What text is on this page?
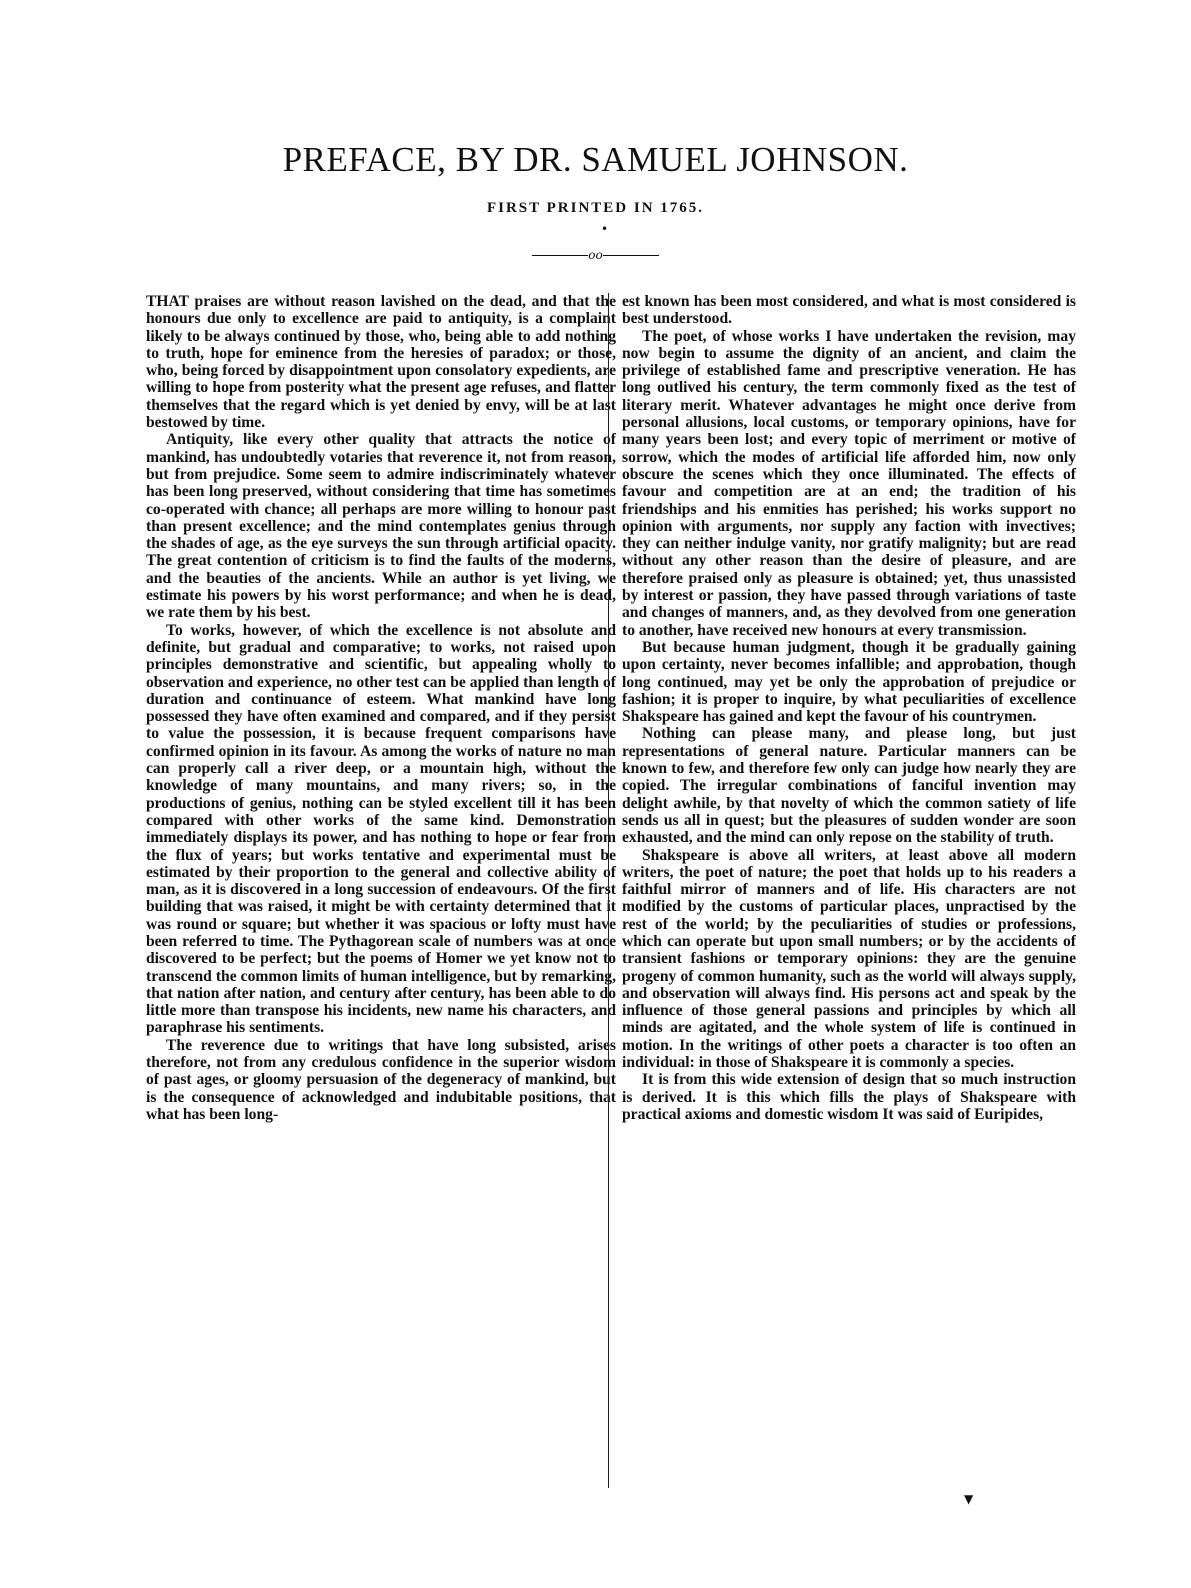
PREFACE, BY DR. SAMUEL JOHNSON.
FIRST PRINTED IN 1765.
•
oo

THAT praises are without reason lavished on the dead, and that the honours due only to excellence are paid to antiquity, is a complaint likely to be always continued by those, who, being able to add nothing to truth, hope for eminence from the heresies of paradox; or those, who, being forced by disappointment upon consolatory expedients, are willing to hope from posterity what the present age refuses, and flatter themselves that the regard which is yet denied by envy, will be at last bestowed by time.

Antiquity, like every other quality that attracts the notice of mankind, has undoubtedly votaries that reverence it, not from reason, but from prejudice. Some seem to admire indiscriminately whatever has been long preserved, without considering that time has sometimes co-operated with chance; all perhaps are more willing to honour past than present excellence; and the mind contemplates genius through the shades of age, as the eye surveys the sun through artificial opacity. The great contention of criticism is to find the faults of the moderns, and the beauties of the ancients. While an author is yet living, we estimate his powers by his worst performance; and when he is dead, we rate them by his best.

To works, however, of which the excellence is not absolute and definite, but gradual and comparative; to works, not raised upon principles demonstrative and scientific, but appealing wholly to observation and experience, no other test can be applied than length of duration and continuance of esteem. What mankind have long possessed they have often examined and compared, and if they persist to value the possession, it is because frequent comparisons have confirmed opinion in its favour. As among the works of nature no man can properly call a river deep, or a mountain high, without the knowledge of many mountains, and many rivers; so, in the productions of genius, nothing can be styled excellent till it has been compared with other works of the same kind. Demonstration immediately displays its power, and has nothing to hope or fear from the flux of years; but works tentative and experimental must be estimated by their proportion to the general and collective ability of man, as it is discovered in a long succession of endeavours. Of the first building that was raised, it might be with certainty determined that it was round or square; but whether it was spacious or lofty must have been referred to time. The Pythagorean scale of numbers was at once discovered to be perfect; but the poems of Homer we yet know not to transcend the common limits of human intelligence, but by remarking, that nation after nation, and century after century, has been able to do little more than transpose his incidents, new name his characters, and paraphrase his sentiments.

The reverence due to writings that have long subsisted, arises therefore, not from any credulous confidence in the superior wisdom of past ages, or gloomy persuasion of the degeneracy of mankind, but is the consequence of acknowledged and indubitable positions, that what has been long-

est known has been most considered, and what is most considered is best understood.

The poet, of whose works I have undertaken the revision, may now begin to assume the dignity of an ancient, and claim the privilege of established fame and prescriptive veneration. He has long outlived his century, the term commonly fixed as the test of literary merit. Whatever advantages he might once derive from personal allusions, local customs, or temporary opinions, have for many years been lost; and every topic of merriment or motive of sorrow, which the modes of artificial life afforded him, now only obscure the scenes which they once illuminated. The effects of favour and competition are at an end; the tradition of his friendships and his enmities has perished; his works support no opinion with arguments, nor supply any faction with invectives; they can neither indulge vanity, nor gratify malignity; but are read without any other reason than the desire of pleasure, and are therefore praised only as pleasure is obtained; yet, thus unassisted by interest or passion, they have passed through variations of taste and changes of manners, and, as they devolved from one generation to another, have received new honours at every transmission.

But because human judgment, though it be gradually gaining upon certainty, never becomes infallible; and approbation, though long continued, may yet be only the approbation of prejudice or fashion; it is proper to inquire, by what peculiarities of excellence Shakspeare has gained and kept the favour of his countrymen.

Nothing can please many, and please long, but just representations of general nature. Particular manners can be known to few, and therefore few only can judge how nearly they are copied. The irregular combinations of fanciful invention may delight awhile, by that novelty of which the common satiety of life sends us all in quest; but the pleasures of sudden wonder are soon exhausted, and the mind can only repose on the stability of truth.

Shakspeare is above all writers, at least above all modern writers, the poet of nature; the poet that holds up to his readers a faithful mirror of manners and of life. His characters are not modified by the customs of particular places, unpractised by the rest of the world; by the peculiarities of studies or professions, which can operate but upon small numbers; or by the accidents of transient fashions or temporary opinions: they are the genuine progeny of common humanity, such as the world will always supply, and observation will always find. His persons act and speak by the influence of those general passions and principles by which all minds are agitated, and the whole system of life is continued in motion. In the writings of other poets a character is too often an individual: in those of Shakspeare it is commonly a species.

It is from this wide extension of design that so much instruction is derived. It is this which fills the plays of Shakspeare with practical axioms and domestic wisdom It was said of Euripides,

▼
